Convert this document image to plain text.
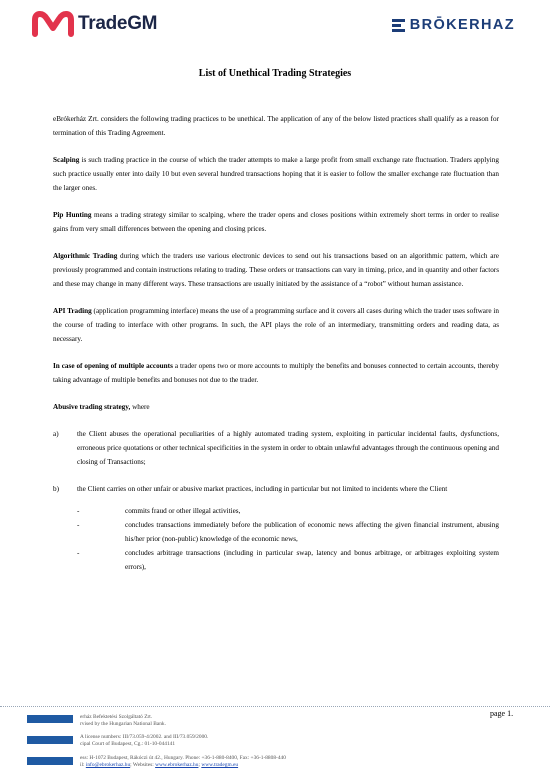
TradeGM	BRŌKERHAZ
List of Unethical Trading Strategies

eBrókerház Zrt. considers the following trading practices to be unethical. The application of any of the below listed practices shall qualify as a reason for termination of this Trading Agreement.

Scalping is such trading practice in the course of which the trader attempts to make a large profit from small exchange rate fluctuation. Traders applying such practice usually enter into daily 10 but even several hundred transactions hoping that it is easier to follow the smaller exchange rate fluctuation than the larger ones.

Pip Hunting means a trading strategy similar to scalping, where the trader opens and closes positions within extremely short terms in order to realise gains from very small differences between the opening and closing prices.

Algorithmic Trading during which the traders use various electronic devices to send out his transactions based on an algorithmic pattern, which are previously programmed and contain instructions relating to trading. These orders or transactions can vary in timing, price, and in quantity and other factors and these may change in many different ways. These transactions are usually initiated by the assistance of a “robot” without human assistance.

API Trading (application programming interface) means the use of a programming surface and it covers all cases during which the trader uses software in the course of trading to interface with other programs. In such, the API plays the role of an intermediary, transmitting orders and reading data, as necessary.

In case of opening of multiple accounts a trader opens two or more accounts to multiply the benefits and bonuses connected to certain accounts, thereby taking advantage of multiple benefits and bonuses not due to the trader.

Abusive trading strategy, where

a)	the Client abuses the operational peculiarities of a highly automated trading system, exploiting in particular incidental faults, dysfunctions, erroneous price quotations or other technical specificities in the system in order to obtain unlawful advantages through the continuous opening and closing of Transactions;
b)	the Client carries on other unfair or abusive market practices, including in particular but not limited to incidents where the Client
-	commits fraud or other illegal activities,
-	concludes transactions immediately before the publication of economic news affecting the given financial instrument, abusing his/her prior (non-public) knowledge of the economic news,
-	concludes arbitrage transactions (including in particular swap, latency and bonus arbitrage, or arbitrages exploiting system errors),
page 1.
erház Befektetési Szolgáltató Zrt.
rvised by the Hungarian National Bank.
A license numbers: III/73.059-4/2002. and III/73.059/2000.
cipal Court of Budapest, Cg.: 01-10-044141
ess: H-1072 Budapest, Rákóczi út 42., Hungary. Phone: +36-1-880-8400, Fax: +36-1-8808-440
il: info@ebrokerhaz.hu; Websites: www.ebrokerhaz.hu; www.tradegm.eu
